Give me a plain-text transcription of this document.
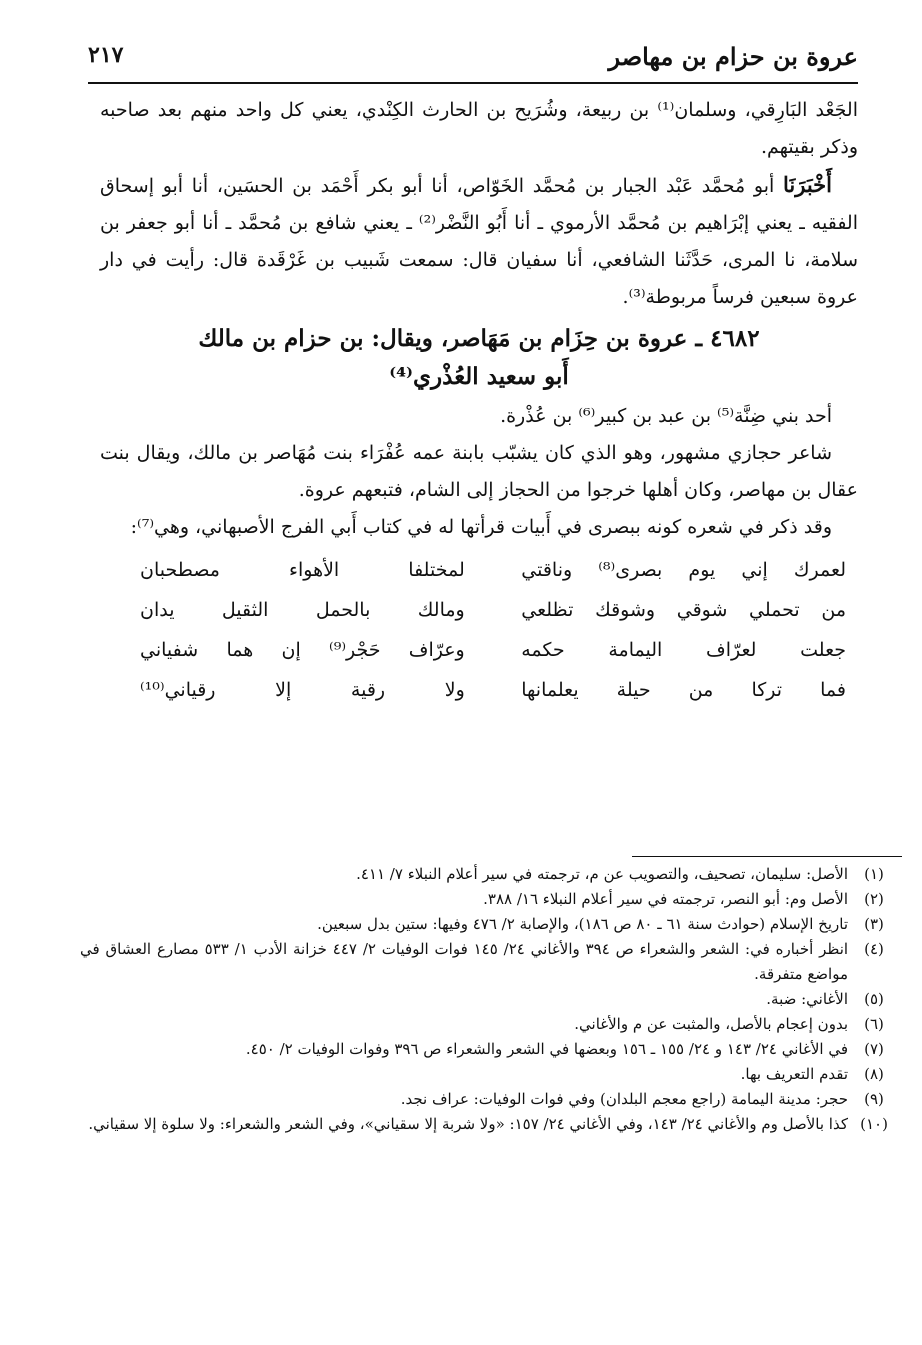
عروة بن حزام بن مهاصر
٢١٧

الجَعْد البَارِقي، وسلمان⁽¹⁾ بن ربيعة، وشُرَيح بن الحارث الكِنْدي، يعني كل واحد منهم بعد صاحبه وذكر بقيتهم.

أَخْبَرَنَا أبو مُحمَّد عَبْد الجبار بن مُحمَّد الخَوّاص، أنا أبو بكر أَحْمَد بن الحسَين، أنا أبو إسحاق الفقيه ـ يعني إبْرَاهيم بن مُحمَّد الأرموي ـ أنا أَبُو النَّضْر⁽²⁾ ـ يعني شافع بن مُحمَّد ـ أنا أبو جعفر بن سلامة، نا المرى، حَدَّثَنا الشافعي، أنا سفيان قال: سمعت شَبيب بن غَرْقَدة قال: رأيت في دار عروة سبعين فرساً مربوطة⁽³⁾.

٤٦٨٢ ـ عروة بن حِزَام بن مَهَاصر، ويقال: بن حزام بن مالك
أَبو سعيد العُذْري⁽⁴⁾

أحد بني ضِنَّة⁽⁵⁾ بن عبد بن كبير⁽⁶⁾ بن عُذْرة.

شاعر حجازي مشهور، وهو الذي كان يشبّب بابنة عمه عُفْرَاء بنت مُهَاصر بن مالك، ويقال بنت عقال بن مهاصر، وكان أهلها خرجوا من الحجاز إلى الشام، فتبعهم عروة.

وقد ذكر في شعره كونه ببصرى في أَبيات قرأتها له في كتاب أَبي الفرج الأصبهاني، وهي⁽⁷⁾:

لعمرك إني يوم بصرى⁽⁸⁾ وناقتي
لمختلفا الأهواء مصطحبان
من تحملي شوقي وشوقك تظلعي
ومالك بالحمل الثقيل يدان
جعلت لعرّاف اليمامة حكمه
وعرّاف حَجْر⁽⁹⁾ إن هما شفياني
فما تركا من حيلة يعلمانها
ولا رقية إلا رقياني⁽¹⁰⁾
(١)
الأصل: سليمان، تصحيف، والتصويب عن م، ترجمته في سير أعلام النبلاء ٧/ ٤١١.
(٢)
الأصل وم: أبو النصر، ترجمته في سير أعلام النبلاء ١٦/ ٣٨٨.
(٣)
تاريخ الإسلام (حوادث سنة ٦١ ـ ٨٠ ص ١٨٦)، والإصابة ٢/ ٤٧٦ وفيها: ستين بدل سبعين.
(٤)
انظر أخباره في: الشعر والشعراء ص ٣٩٤ والأغاني ٢٤/ ١٤٥ فوات الوفيات ٢/ ٤٤٧ خزانة الأدب ١/ ٥٣٣ مصارع العشاق في مواضع متفرقة.
(٥)
الأغاني: ضبة.
(٦)
بدون إعجام بالأصل، والمثبت عن م والأغاني.
(٧)
في الأغاني ٢٤/ ١٤٣ و ٢٤/ ١٥٥ ـ ١٥٦ وبعضها في الشعر والشعراء ص ٣٩٦ وفوات الوفيات ٢/ ٤٥٠.
(٨)
تقدم التعريف بها.
(٩)
حجر: مدينة اليمامة (راجع معجم البلدان) وفي فوات الوفيات: عراف نجد.
(١٠)
كذا بالأصل وم والأغاني ٢٤/ ١٤٣، وفي الأغاني ٢٤/ ١٥٧: «ولا شربة إلا سقياني»، وفي الشعر والشعراء: ولا سلوة إلا سقياني.
